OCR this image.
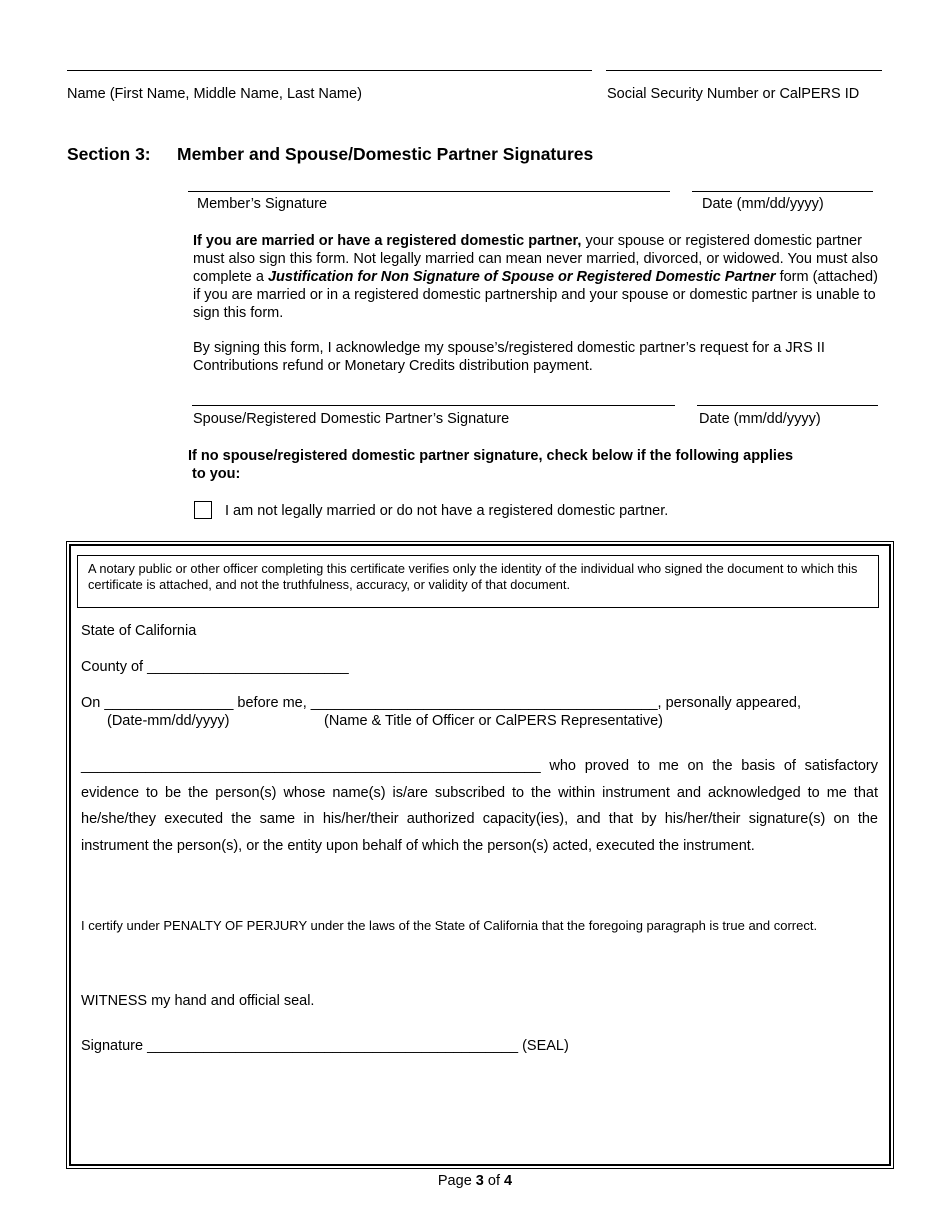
Name (First Name, Middle Name, Last Name)	Social Security Number or CalPERS ID
Section 3: Member and Spouse/Domestic Partner Signatures
Member’s Signature	Date (mm/dd/yyyy)
If you are married or have a registered domestic partner, your spouse or registered domestic partner must also sign this form. Not legally married can mean never married, divorced, or widowed. You must also complete a Justification for Non Signature of Spouse or Registered Domestic Partner form (attached) if you are married or in a registered domestic partnership and your spouse or domestic partner is unable to sign this form.
By signing this form, I acknowledge my spouse’s/registered domestic partner’s request for a JRS II Contributions refund or Monetary Credits distribution payment.
Spouse/Registered Domestic Partner’s Signature	Date (mm/dd/yyyy)
If no spouse/registered domestic partner signature, check below if the following applies
to you:
I am not legally married or do not have a registered domestic partner.
A notary public or other officer completing this certificate verifies only the identity of the individual who signed the document to which this certificate is attached, and not the truthfulness, accuracy, or validity of that document.
State of California
County of _________________________
On ________________ before me, ___________________________________________, personally appeared,
(Date-mm/dd/yyyy)	(Name & Title of Officer or CalPERS Representative)
_________________________________________________________ who proved to me on the basis of satisfactory evidence to be the person(s) whose name(s) is/are subscribed to the within instrument and acknowledged to me that he/she/they executed the same in his/her/their authorized capacity(ies), and that by his/her/their signature(s) on the instrument the person(s), or the entity upon behalf of which the person(s) acted, executed the instrument.
I certify under PENALTY OF PERJURY under the laws of the State of California that the foregoing paragraph is true and correct.
WITNESS my hand and official seal.
Signature ______________________________________________ (SEAL)
Page 3 of 4
